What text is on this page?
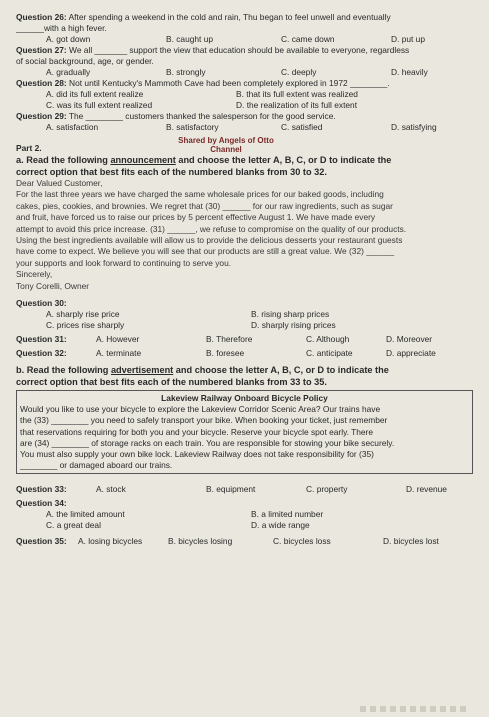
Question 26: After spending a weekend in the cold and rain, Thu began to feel unwell and eventually
______with a high fever.
A. got down	B. caught up	C. came down	D. put up
Question 27: We all _______ support the view that education should be available to everyone, regardless
of social background, age, or gender.
A. gradually	B. strongly	C. deeply	D. heavily
Question 28: Not until Kentucky's Mammoth Cave had been completely explored in 1972 ________.
A. did its full extent realize	B. that its full extent was realized
C. was its full extent realized	D. the realization of its full extent
Question 29: The ________ customers thanked the salesperson for the good service.
A. satisfaction	B. satisfactory	C. satisfied	D. satisfying
Part 2.
Shared by Angels of Otto
Channel
a. Read the following announcement and choose the letter A, B, C, or D to indicate the
correct option that best fits each of the numbered blanks from 30 to 32.
Dear Valued Customer,
For the last three years we have charged the same wholesale prices for our baked goods, including
cakes, pies, cookies, and brownies. We regret that (30) ______ for our raw ingredients, such as sugar
and fruit, have forced us to raise our prices by 5 percent effective August 1. We have made every
attempt to avoid this price increase. (31) ______, we refuse to compromise on the quality of our products.
Using the best ingredients available will allow us to provide the delicious desserts your restaurant guests
have come to expect. We believe you will see that our products are still a great value. We (32) ______
your supports and look forward to continuing to serve you.
Sincerely,
Tony Corelli, Owner
Question 30:
A. sharply rise price	B. rising sharp prices
C. prices rise sharply	D. sharply rising prices
Question 31:	A. However	B. Therefore	C. Although	D. Moreover
Question 32:	A. terminate	B. foresee	C. anticipate	D. appreciate
b. Read the following advertisement and choose the letter A, B, C, or D to indicate the
correct option that best fits each of the numbered blanks from 33 to 35.
Lakeview Railway Onboard Bicycle Policy
Would you like to use your bicycle to explore the Lakeview Corridor Scenic Area? Our trains have
the (33) ________ you need to safely transport your bike. When booking your ticket, just remember
that reservations requiring for both you and your bicycle. Reserve your bicycle spot early. There
are (34) ________ of storage racks on each train. You are responsible for stowing your bike securely.
You must also supply your own bike lock. Lakeview Railway does not take responsibility for (35)
________ or damaged aboard our trains.
Question 33:	A. stock	B. equipment	C. property	D. revenue
Question 34:
A. the limited amount	B. a limited number
C. a great deal	D. a wide range
Question 35:	A. losing bicycles	B. bicycles losing	C. bicycles loss	D. bicycles lost
